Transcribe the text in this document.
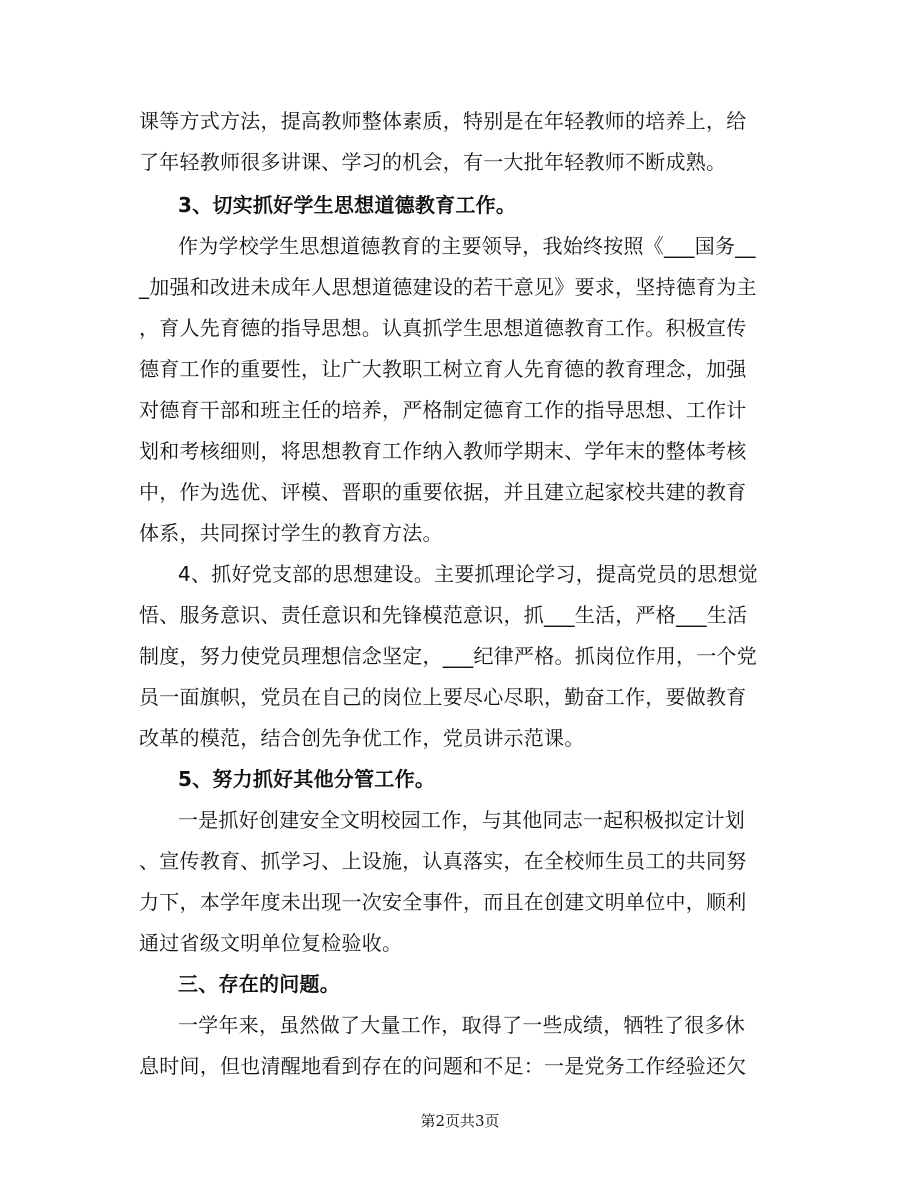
课等方式方法，提高教师整体素质，特别是在年轻教师的培养上，给
了年轻教师很多讲课、学习的机会，有一大批年轻教师不断成熟。
3、切实抓好学生思想道德教育工作。
作为学校学生思想道德教育的主要领导，我始终按照《___国务__
_加强和改进未成年人思想道德建设的若干意见》要求，坚持德育为主
，育人先育德的指导思想。认真抓学生思想道德教育工作。积极宣传
德育工作的重要性，让广大教职工树立育人先育德的教育理念，加强
对德育干部和班主任的培养，严格制定德育工作的指导思想、工作计
划和考核细则，将思想教育工作纳入教师学期末、学年末的整体考核
中，作为选优、评模、晋职的重要依据，并且建立起家校共建的教育
体系，共同探讨学生的教育方法。
4、抓好党支部的思想建设。主要抓理论学习，提高党员的思想觉
悟、服务意识、责任意识和先锋模范意识，抓___生活，严格___生活
制度，努力使党员理想信念坚定，___纪律严格。抓岗位作用，一个党
员一面旗帜，党员在自己的岗位上要尽心尽职，勤奋工作，要做教育
改革的模范，结合创先争优工作，党员讲示范课。
5、努力抓好其他分管工作。
一是抓好创建安全文明校园工作，与其他同志一起积极拟定计划
、宣传教育、抓学习、上设施，认真落实，在全校师生员工的共同努
力下，本学年度未出现一次安全事件，而且在创建文明单位中，顺利
通过省级文明单位复检验收。
三、存在的问题。
一学年来，虽然做了大量工作，取得了一些成绩，牺牲了很多休
息时间，但也清醒地看到存在的问题和不足：一是党务工作经验还欠
第2页共3页
